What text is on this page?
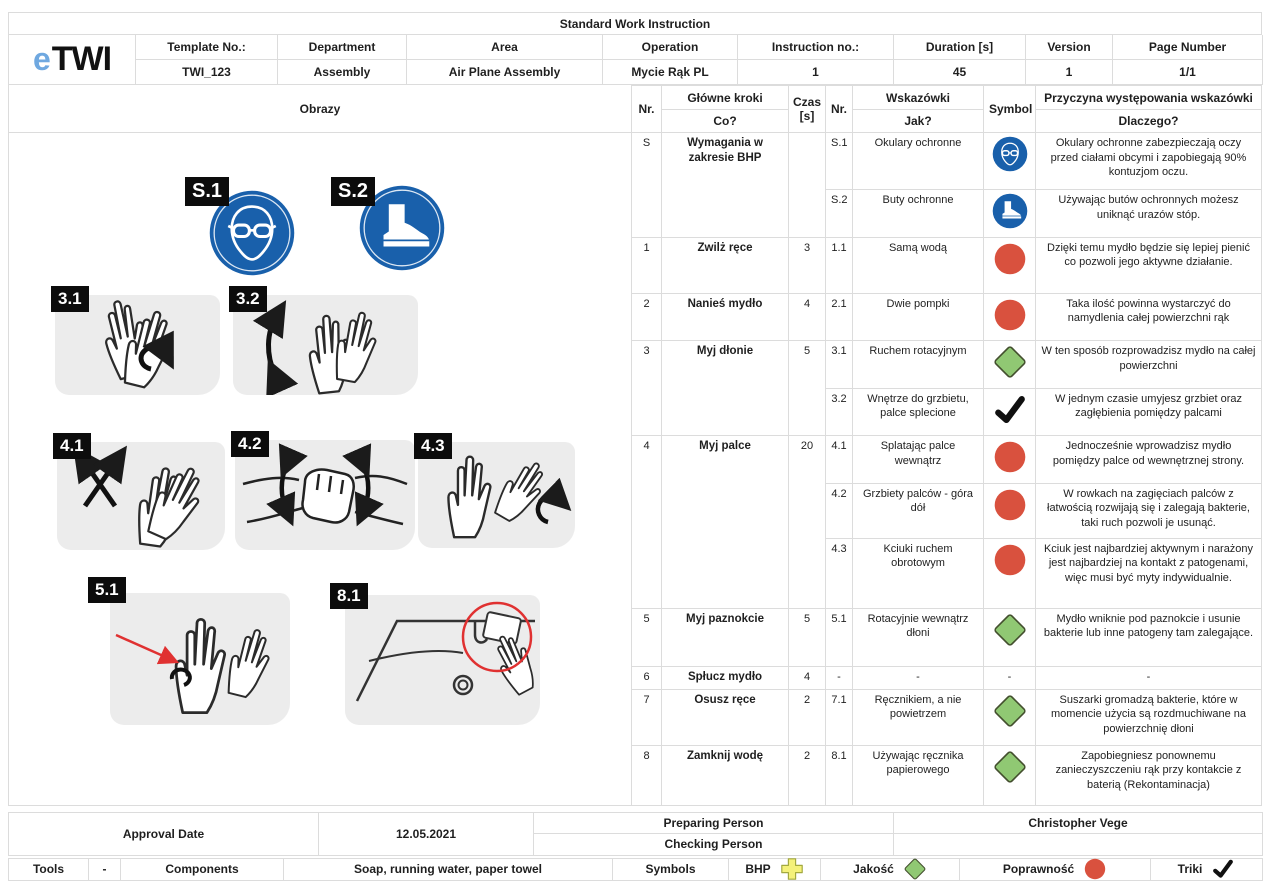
Standard Work Instruction
e TWI	Template No.:	Department	Area	Operation	Instruction no.:	Duration [s]	Version	Page Number
TWI_123	Assembly	Air Plane Assembly	Mycie Rąk PL	1	45	1	1/1
Obrazy
S.1	S.2
3.1	3.2
4.1	4.2	4.3
5.1	8.1
Nr.	Główne kroki	Czas [s]	Nr.	Wskazówki	Symbol	Przyczyna występowania wskazówki
	Co?			Jak?		Dlaczego?
S	Wymagania w zakresie BHP		S.1	Okulary ochronne		Okulary ochronne zabezpieczają oczy przed ciałami obcymi i zapobiegają 90% kontuzjom oczu.
			S.2	Buty ochronne		Używając butów ochronnych możesz uniknąć urazów stóp.
1	Zwilż ręce	3	1.1	Samą wodą		Dzięki temu mydło będzie się lepiej pienić co pozwoli jego aktywne działanie.
2	Nanieś mydło	4	2.1	Dwie pompki		Taka ilość powinna wystarczyć do namydlenia całej powierzchni rąk
3	Myj dłonie	5	3.1	Ruchem rotacyjnym		W ten sposób rozprowadzisz mydło na całej powierzchni
			3.2	Wnętrze do grzbietu, palce splecione		W jednym czasie umyjesz grzbiet oraz zagłębienia pomiędzy palcami
4	Myj palce	20	4.1	Splatając palce wewnątrz		Jednocześnie wprowadzisz mydło pomiędzy palce od wewnętrznej strony.
			4.2	Grzbiety palców - góra dół		W rowkach na zagięciach palców z łatwością rozwijają się i zalegają bakterie, taki ruch pozwoli je usunąć.
			4.3	Kciuki ruchem obrotowym		Kciuk jest najbardziej aktywnym i narażony jest najbardziej na kontakt z patogenami, więc musi być myty indywidualnie.
5	Myj paznokcie	5	5.1	Rotacyjnie wewnątrz dłoni		Mydło wniknie pod paznokcie i usunie bakterie lub inne patogeny tam zalegające.
6	Spłucz mydło	4	-	-	-	-
7	Osusz ręce	2	7.1	Ręcznikiem, a nie powietrzem		Suszarki gromadzą bakterie, które w momencie użycia są rozdmuchiwane na powierzchnię dłoni
8	Zamknij wodę	2	8.1	Używając ręcznika papierowego		Zapobiegniesz ponownemu zanieczyszczeniu rąk przy kontakcie z baterią (Rekontaminacja)
Approval Date	12.05.2021
Preparing Person	Christopher Vege
Checking Person
Tools	-	Components	Soap, running water, paper towel	Symbols	BHP	Jakość	Poprawność	Triki
